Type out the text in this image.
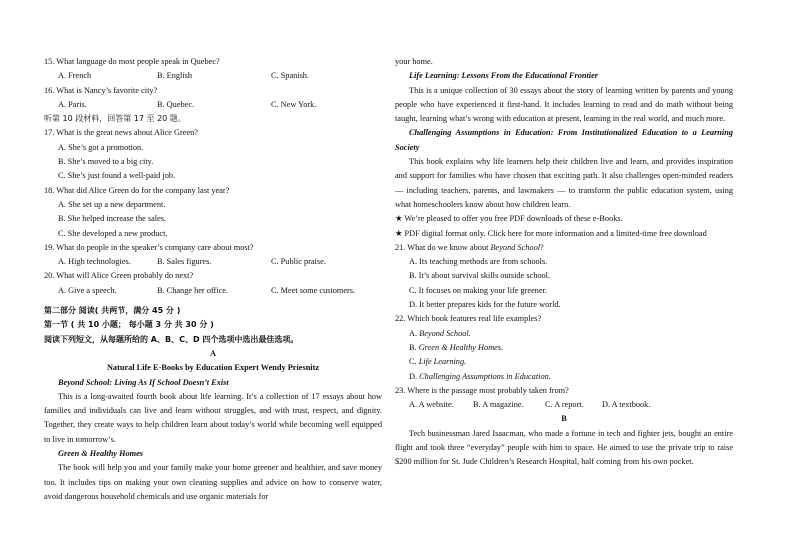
15. What language do most people speak in Quebec?
A. French	B. English	C. Spanish.
16. What is Nancy’s favorite city?
A. Paris.	B. Quebec.	C. New York.
听第 10 段材料，回答第 17 至 20 题。
17. What is the great news about Alice Green?
A. She’s got a promotion.
B. She’s moved to a big city.
C. She’s just found a well-paid job.
18. What did Alice Green do for the company last year?
A. She set up a new department.
B. She helped increase the sales.
C. She developed a new product.
19. What do people in the speaker’s company care about most?
A. High technologies.	B. Sales figures.	C. Public praise.
20. What will Alice Green probably do next?
A. Give a speech.	B. Change her office.	C. Meet some customers.
第二部分 阅读( 共两节，满分 45 分 )
第一节 ( 共 10 小题； 每小题 3 分 共 30 分 )
阅读下列短文，从每题所给的 A、B、C、D 四个选项中选出最佳选项。
A
Natural Life E-Books by Education Expert Wendy Priesnitz
Beyond School: Living As If School Doesn’t Exist
This is a long-awaited fourth book about life learning. It’s a collection of 17 essays about how families and individuals can live and learn without struggles, and with trust, respect, and dignity. Together, they create ways to help children learn about today’s world while becoming well equipped to live in tomorrow’s.
Green & Healthy Homes
The book will help you and your family make your home greener and healthier, and save money too. It includes tips on making your own cleaning supplies and advice on how to conserve water, avoid dangerous household chemicals and use organic materials for
your home.
Life Learning: Lessons From the Educational Frontier
This is a unique collection of 30 essays about the story of learning written by parents and young people who have experienced it first-hand. It includes learning to read and do math without being taught, learning what’s wrong with education at present, learning in the real world, and much more.
Challenging Assumptions in Education: From Institutionalized Education to a Learning Society
This book explains why life learners help their children live and learn, and provides inspiration and support for families who have chosen that exciting path. It also challenges open-minded readers — including teachers, parents, and lawmakers — to transform the public education system, using what homeschoolers know about how children learn.
★ We’re pleased to offer you free PDF downloads of these e-Books.
★ PDF digital format only. Click here for more information and a limited-time free download
21. What do we know about Beyond School?
A. Its teaching methods are from schools.
B. It’s about survival skills outside school.
C. It focuses on making your life greener.
D. It better prepares kids for the future world.
22. Which book features real life examples?
A. Beyond School.
B. Green & Healthy Homes.
C. Life Learning.
D. Challenging Assumptions in Education.
23. Where is the passage most probably taken from?
A. A website. B. A magazine.	C. A report. D. A textbook.
B
Tech businessman Jared Isaacman, who made a fortune in tech and fighter jets, bought an entire flight and took three “everyday” people with him to space. He aimed to use the private trip to raise $200 million for St. Jude Children’s Research Hospital, half coming from his own pocket.
